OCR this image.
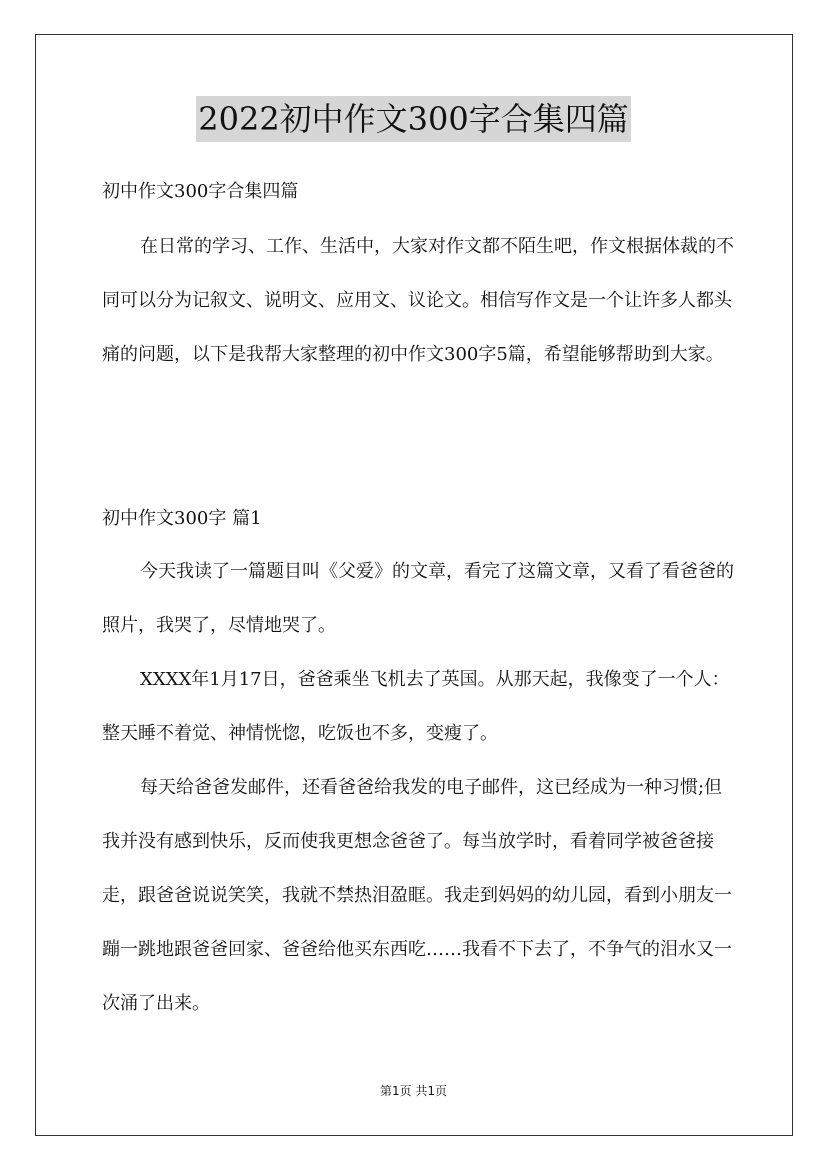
2022初中作文300字合集四篇

初中作文300字合集四篇

在日常的学习、工作、生活中，大家对作文都不陌生吧，作文根据体裁的不同可以分为记叙文、说明文、应用文、议论文。相信写作文是一个让许多人都头痛的问题，以下是我帮大家整理的初中作文300字5篇，希望能够帮助到大家。

初中作文300字 篇1

今天我读了一篇题目叫《父爱》的文章，看完了这篇文章，又看了看爸爸的照片，我哭了，尽情地哭了。

XXXX年1月17日，爸爸乘坐飞机去了英国。从那天起，我像变了一个人：整天睡不着觉、神情恍惚，吃饭也不多，变瘦了。

每天给爸爸发邮件，还看爸爸给我发的电子邮件，这已经成为一种习惯;但我并没有感到快乐，反而使我更想念爸爸了。每当放学时，看着同学被爸爸接走，跟爸爸说说笑笑，我就不禁热泪盈眶。我走到妈妈的幼儿园，看到小朋友一蹦一跳地跟爸爸回家、爸爸给他买东西吃……我看不下去了，不争气的泪水又一次涌了出来。

第1页 共1页
